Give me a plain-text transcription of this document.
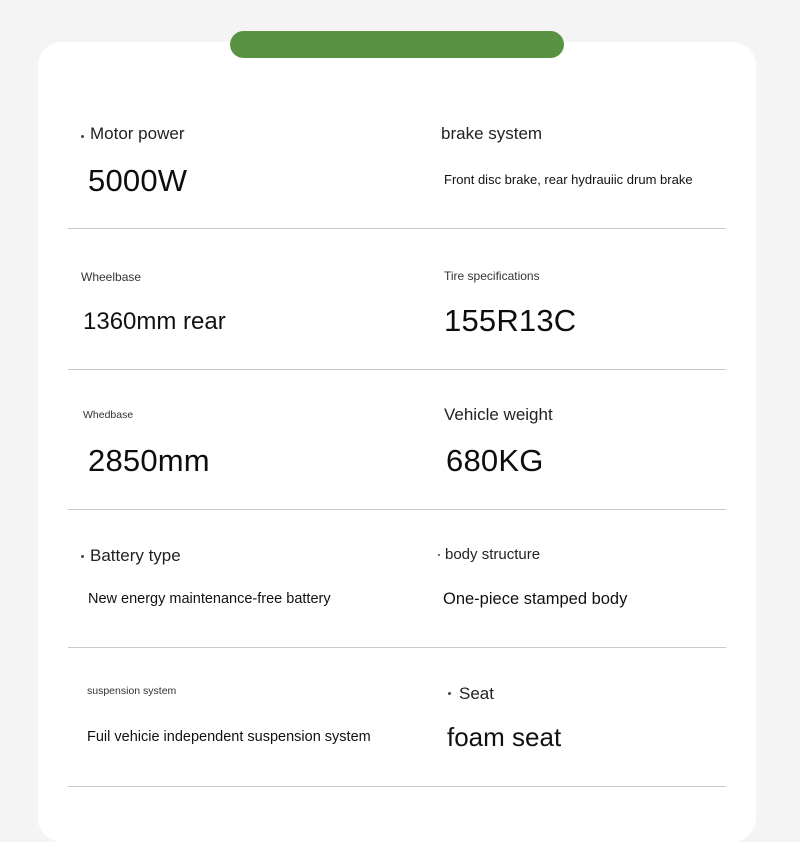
Motor power
5000W
brake system
Front disc brake, rear hydrauiic drum brake
Wheelbase
1360mm rear
Tire specifications
155R13C
Whedbase
2850mm
Vehicle weight
680KG
Battery type
New energy maintenance-free battery
body structure
One-piece stamped body
suspension system
Fuil vehicie independent suspension system
Seat
foam seat
